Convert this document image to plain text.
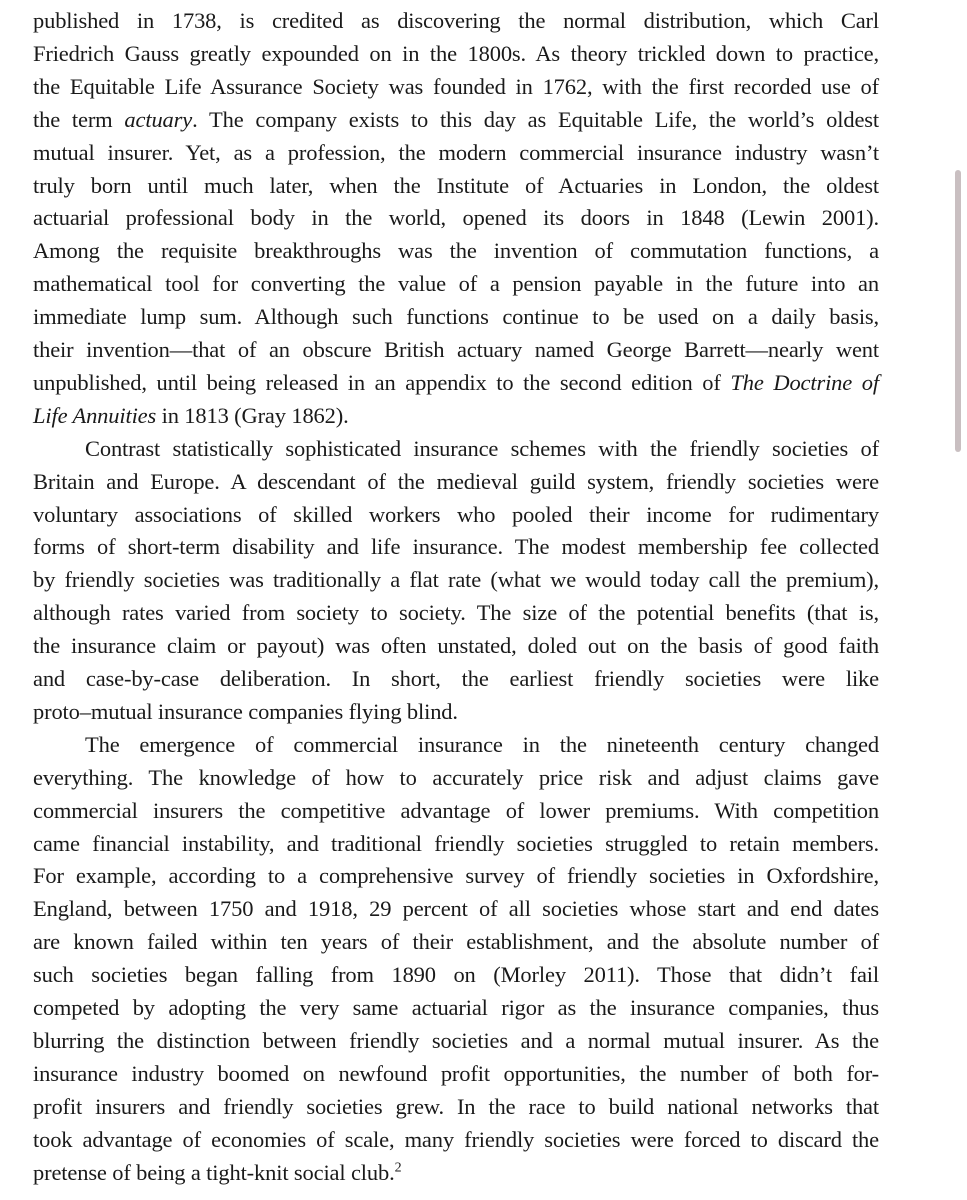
published in 1738, is credited as discovering the normal distribution, which Carl
Friedrich Gauss greatly expounded on in the 1800s. As theory trickled down to practice,
the Equitable Life Assurance Society was founded in 1762, with the first recorded use of
the term actuary. The company exists to this day as Equitable Life, the world’s oldest
mutual insurer. Yet, as a profession, the modern commercial insurance industry wasn’t
truly born until much later, when the Institute of Actuaries in London, the oldest
actuarial professional body in the world, opened its doors in 1848 (Lewin 2001).
Among the requisite breakthroughs was the invention of commutation functions, a
mathematical tool for converting the value of a pension payable in the future into an
immediate lump sum. Although such functions continue to be used on a daily basis,
their invention—that of an obscure British actuary named George Barrett—nearly went
unpublished, until being released in an appendix to the second edition of The Doctrine of
Life Annuities in 1813 (Gray 1862).
Contrast statistically sophisticated insurance schemes with the friendly societies of
Britain and Europe. A descendant of the medieval guild system, friendly societies were
voluntary associations of skilled workers who pooled their income for rudimentary
forms of short-term disability and life insurance. The modest membership fee collected
by friendly societies was traditionally a flat rate (what we would today call the premium),
although rates varied from society to society. The size of the potential benefits (that is,
the insurance claim or payout) was often unstated, doled out on the basis of good faith
and case-by-case deliberation. In short, the earliest friendly societies were like
proto–mutual insurance companies flying blind.
The emergence of commercial insurance in the nineteenth century changed
everything. The knowledge of how to accurately price risk and adjust claims gave
commercial insurers the competitive advantage of lower premiums. With competition
came financial instability, and traditional friendly societies struggled to retain members.
For example, according to a comprehensive survey of friendly societies in Oxfordshire,
England, between 1750 and 1918, 29 percent of all societies whose start and end dates
are known failed within ten years of their establishment, and the absolute number of
such societies began falling from 1890 on (Morley 2011). Those that didn’t fail
competed by adopting the very same actuarial rigor as the insurance companies, thus
blurring the distinction between friendly societies and a normal mutual insurer. As the
insurance industry boomed on newfound profit opportunities, the number of both for-
profit insurers and friendly societies grew. In the race to build national networks that
took advantage of economies of scale, many friendly societies were forced to discard the
pretense of being a tight-knit social club.$^2$
